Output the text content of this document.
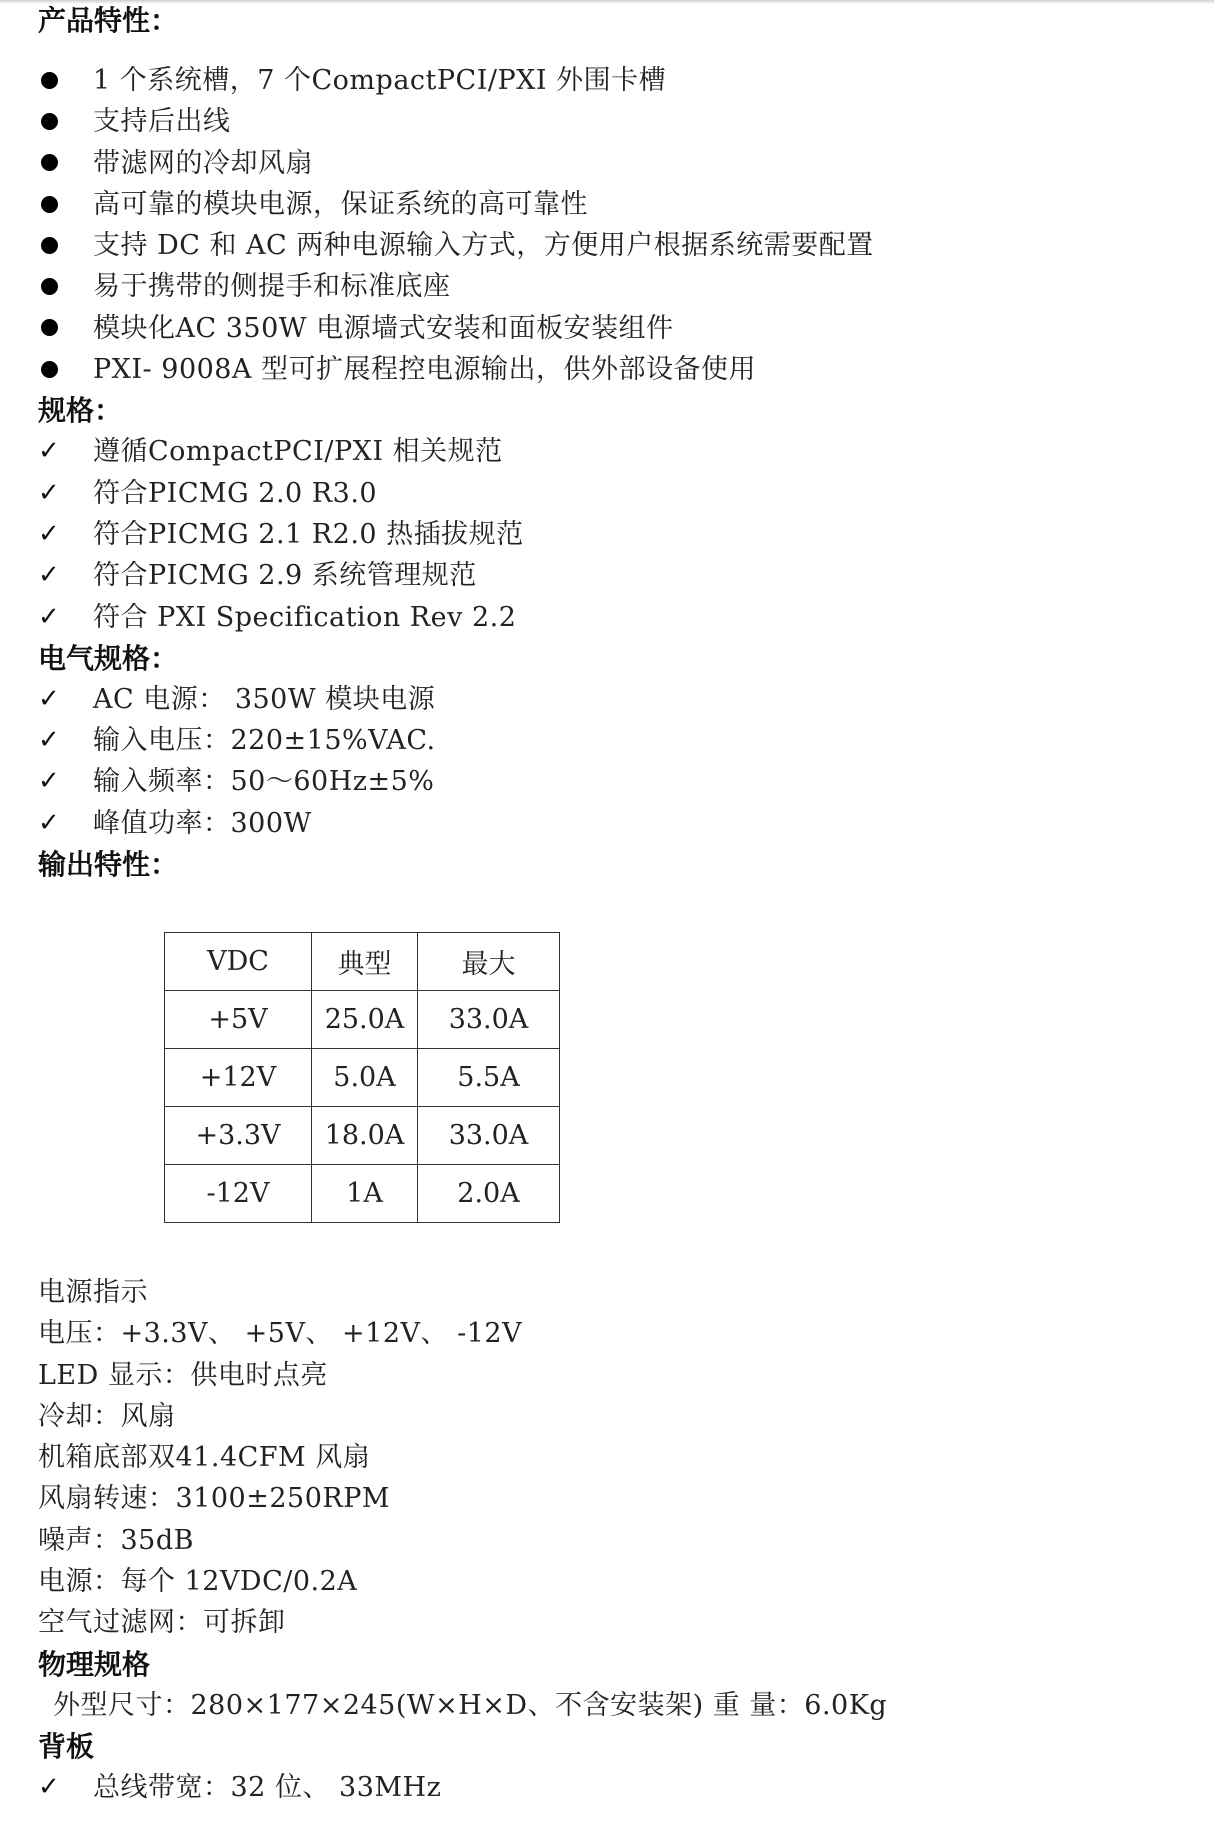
产品特性：
1 个系统槽，7 个CompactPCI/PXI 外围卡槽
支持后出线
带滤网的冷却风扇
高可靠的模块电源，保证系统的高可靠性
支持 DC 和 AC 两种电源输入方式，方便用户根据系统需要配置
易于携带的侧提手和标准底座
模块化AC 350W 电源墙式安装和面板安装组件
PXI- 9008A 型可扩展程控电源输出，供外部设备使用
规格：
✓ 遵循CompactPCI/PXI 相关规范
✓ 符合PICMG 2.0 R3.0
✓ 符合PICMG 2.1 R2.0 热插拔规范
✓ 符合PICMG 2.9 系统管理规范
✓ 符合 PXI Specification Rev 2.2
电气规格：
✓ AC 电源： 350W 模块电源
✓ 输入电压：220±15%VAC.
✓ 输入频率：50～60Hz±5%
✓ 峰值功率：300W
输出特性：
VDC	典型	最大
+5V	25.0A	33.0A
+12V	5.0A	5.5A
+3.3V	18.0A	33.0A
-12V	1A	2.0A
电源指示
电压：+3.3V、 +5V、 +12V、 -12V
LED 显示：供电时点亮
冷却：风扇
机箱底部双41.4CFM 风扇
风扇转速：3100±250RPM
噪声：35dB
电源：每个 12VDC/0.2A
空气过滤网：可拆卸
物理规格
外型尺寸：280×177×245(W×H×D、不含安装架) 重 量：6.0Kg
背板
✓ 总线带宽：32 位、 33MHz
